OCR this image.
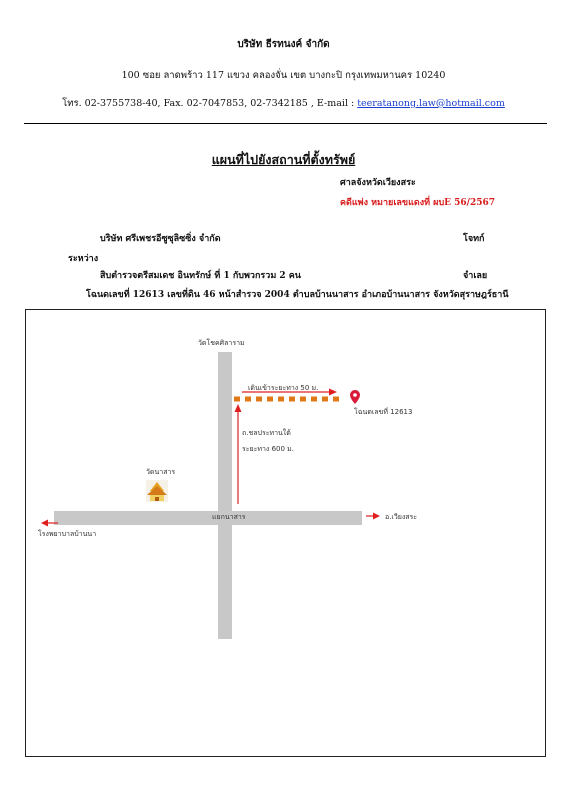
บริษัท ธีรทนงค์ จำกัด
100 ซอย ลาดพร้าว 117 แขวง คลองจั่น เขต บางกะปิ กรุงเทพมหานคร 10240
โทร. 02-3755738-40, Fax. 02-7047853, 02-7342185 , E-mail : teeratanong.law@hotmail.com
แผนที่ไปยังสถานที่ตั้งทรัพย์
ศาลจังหวัดเวียงสระ
คดีแพ่ง หมายเลขแดงที่ ผบE 56/2567
บริษัท ศรีเพชรอีซูซุลิซซิ่ง จำกัด	โจทก์
ระหว่าง
สิบตำรวจตรีสมเดช อินทรักษ์ ที่ 1 กับพวกรวม 2 คน	จำเลย
โฉนดเลขที่ 12613 เลขที่ดิน 46 หน้าสำรวจ 2004 ตำบลบ้านนาสาร อำเภอบ้านนาสาร จังหวัดสุราษฎร์ธานี
วัดโชคศิลาราม
เดินเข้าระยะทาง 50 ม.
โฉนดเลขที่ 12613
ถ.ชลประทานใต้
ระยะทาง 600 ม.
วัดนาสาร
แยกนาสาร	อ.เวียงสระ
โรงพยาบาลบ้านนา
